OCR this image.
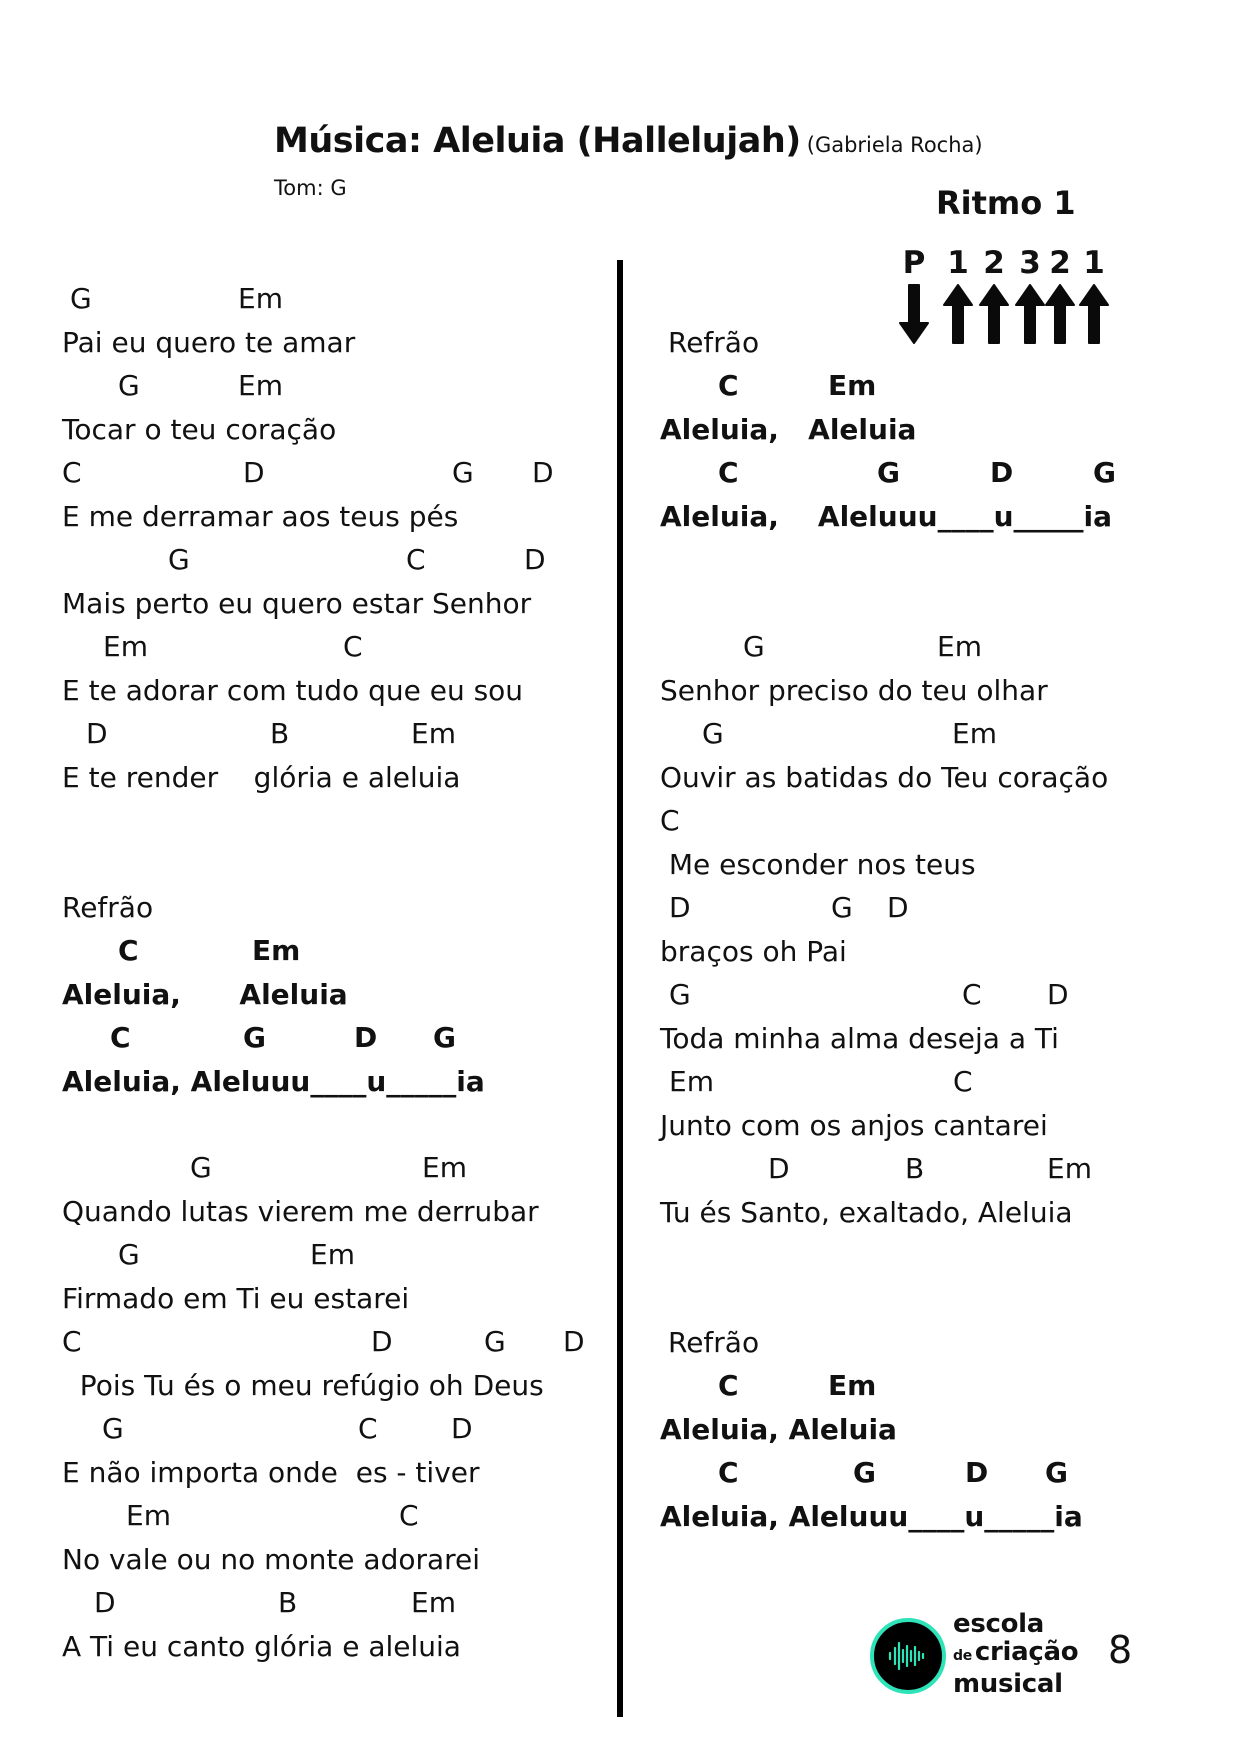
Música: Aleluia (Hallelujah) (Gabriela Rocha)
Tom: G	Ritmo 1
P 1 2 3 2 1
G	Em
Pai eu quero te amar
G	Em
Tocar o teu coração
C	D	G D
E me derramar aos teus pés
G	C	D
Mais perto eu quero estar Senhor
Em	C
E te adorar com tudo que eu sou
D	B	Em
E te render    glória e aleluia
Refrão
C	Em
Aleluia,      Aleluia
C	G	D G
Aleluia, Aleluuu____u_____ia
G	Em
Quando lutas vierem me derrubar
G	Em
Firmado em Ti eu estarei
C	D	G D
Pois Tu és o meu refúgio oh Deus
G	C	D
E não importa onde  es - tiver
Em	C
No vale ou no monte adorarei
D	B	Em
A Ti eu canto glória e aleluia
Refrão
C	Em
Aleluia,   Aleluia
C	G	D	G
Aleluia,    Aleluuu____u_____ia
G	Em
Senhor preciso do teu olhar
G	Em
Ouvir as batidas do Teu coração
C
Me esconder nos teus
D	G D
braços oh Pai
G	C D
Toda minha alma deseja a Ti
Em	C
Junto com os anjos cantarei
D	B	Em
Tu és Santo, exaltado, Aleluia
Refrão
C	Em
Aleluia, Aleluia
C	G	D G
Aleluia, Aleluuu____u_____ia
escola
de criação
musical
8
